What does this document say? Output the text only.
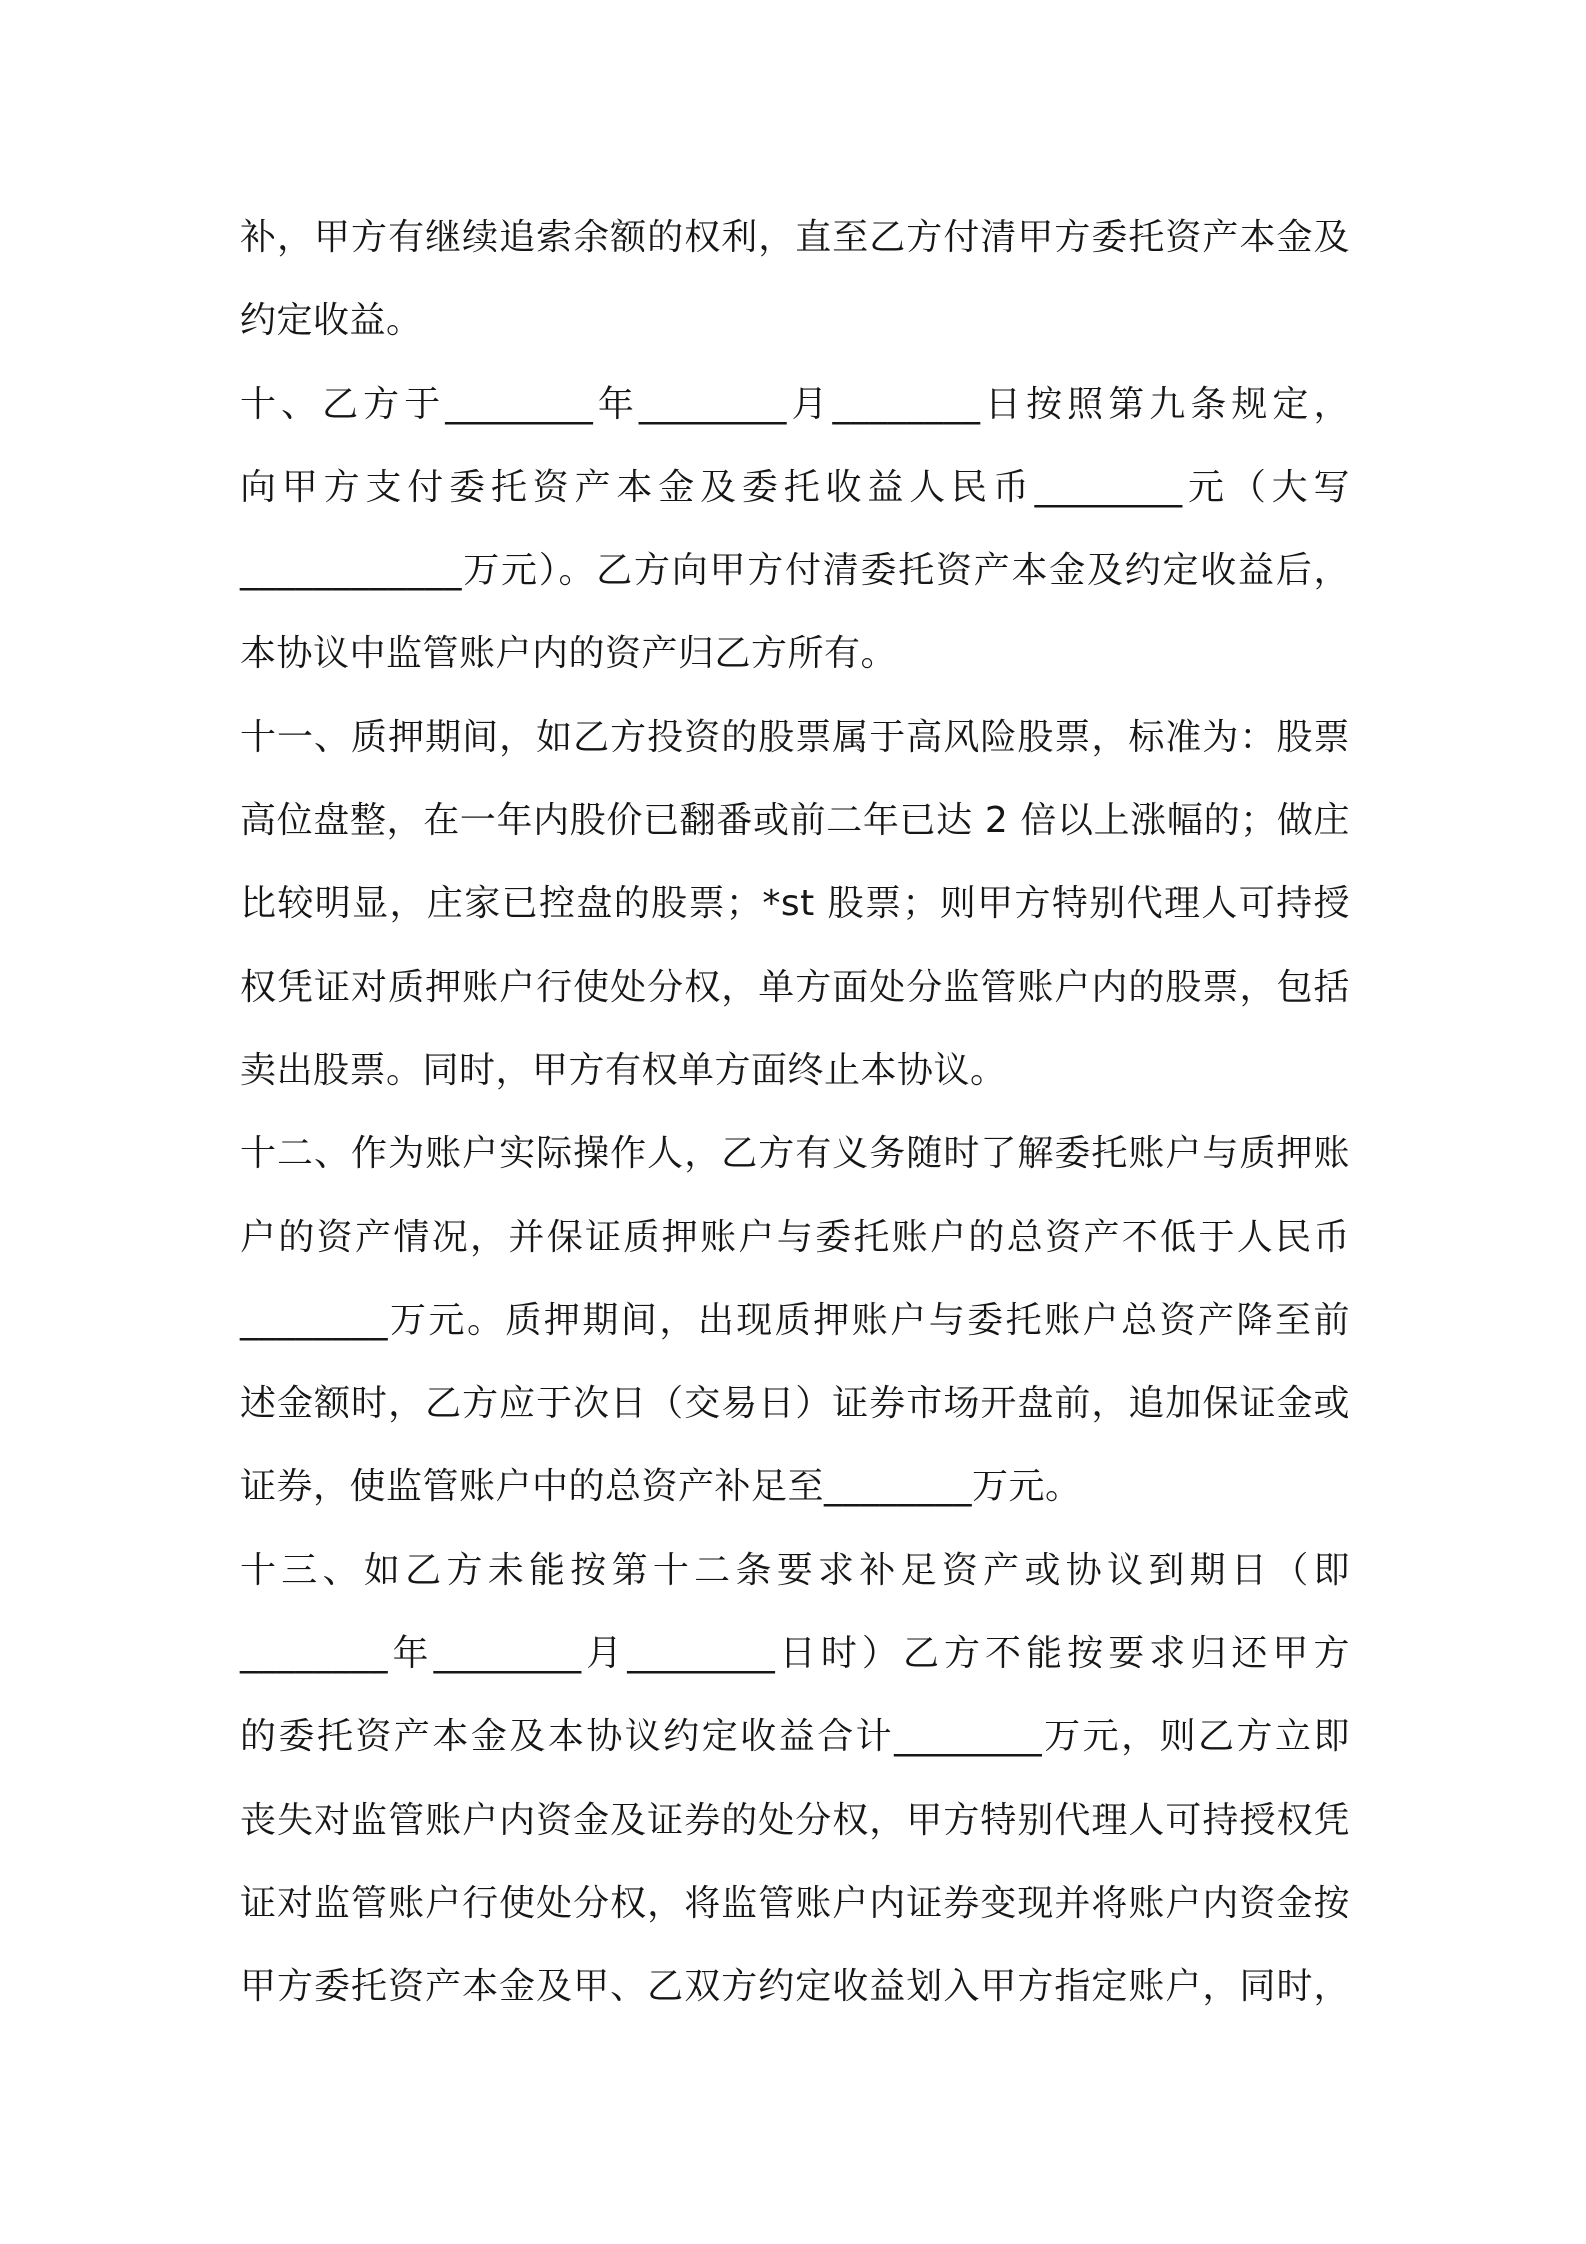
补，甲方有继续追索余额的权利，直至乙方付清甲方委托资产本金及
约定收益。
十、乙方于________年________月________日按照第九条规定，
向甲方支付委托资产本金及委托收益人民币________元（大写
____________万元）。乙方向甲方付清委托资产本金及约定收益后，
本协议中监管账户内的资产归乙方所有。
十一、质押期间，如乙方投资的股票属于高风险股票，标准为：股票
高位盘整，在一年内股价已翻番或前二年已达 2 倍以上涨幅的；做庄
比较明显，庄家已控盘的股票；*st 股票；则甲方特别代理人可持授
权凭证对质押账户行使处分权，单方面处分监管账户内的股票，包括
卖出股票。同时，甲方有权单方面终止本协议。
十二、作为账户实际操作人，乙方有义务随时了解委托账户与质押账
户的资产情况，并保证质押账户与委托账户的总资产不低于人民币
________万元。质押期间，出现质押账户与委托账户总资产降至前
述金额时，乙方应于次日（交易日）证券市场开盘前，追加保证金或
证券，使监管账户中的总资产补足至________万元。
十三、如乙方未能按第十二条要求补足资产或协议到期日（即
________年________月________日时）乙方不能按要求归还甲方
的委托资产本金及本协议约定收益合计________万元，则乙方立即
丧失对监管账户内资金及证券的处分权，甲方特别代理人可持授权凭
证对监管账户行使处分权，将监管账户内证券变现并将账户内资金按
甲方委托资产本金及甲、乙双方约定收益划入甲方指定账户，同时，
